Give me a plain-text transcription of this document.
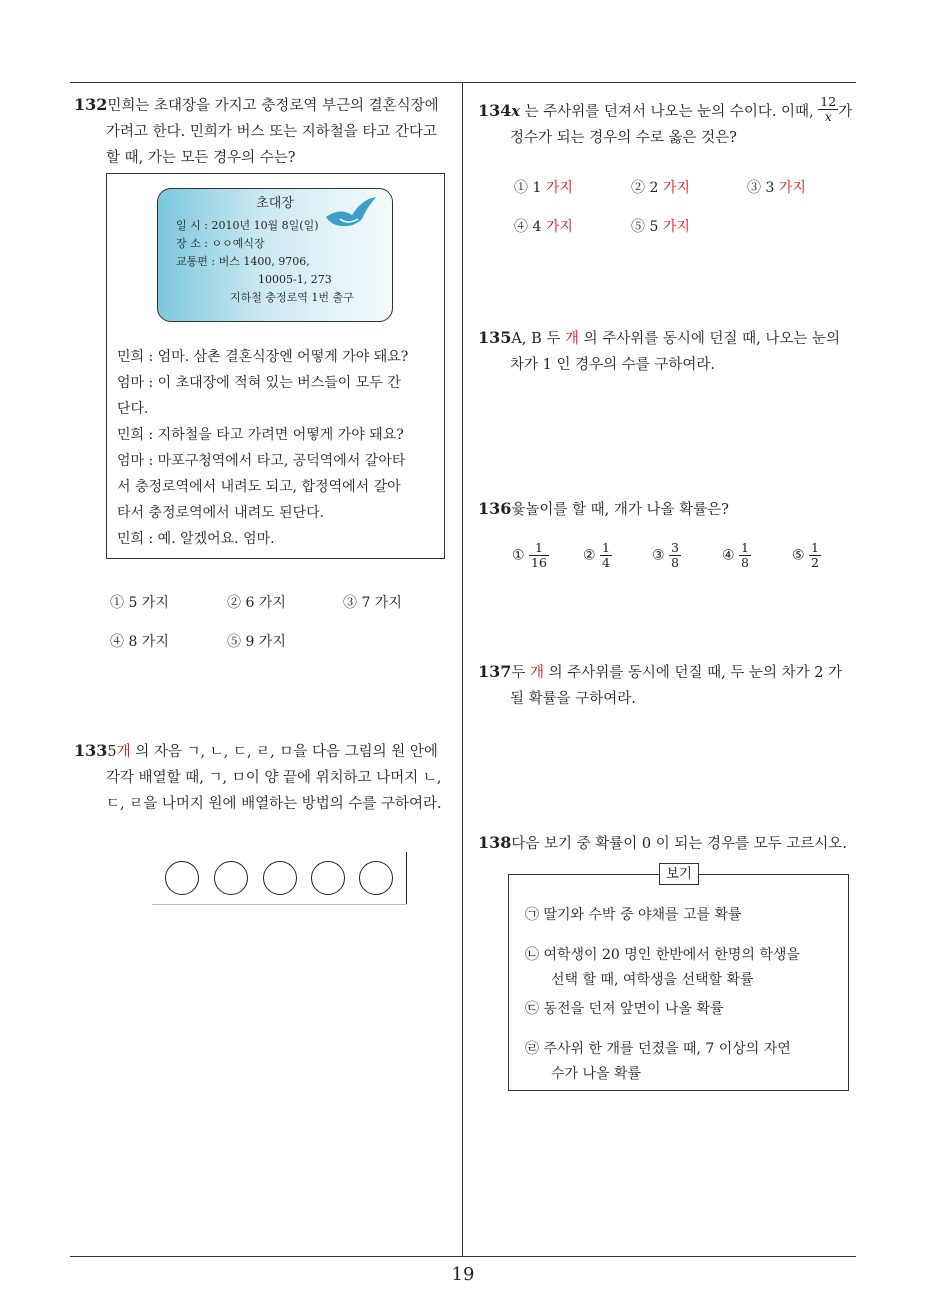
132민희는 초대장을 가지고 충정로역 부근의 결혼식장에
가려고 한다. 민희가 버스 또는 지하철을 타고 간다고
할 때, 가는 모든 경우의 수는?
초대장
일 시 : 2010년 10월 8일(일)
장 소 : ㅇㅇ예식장
교통편 : 버스 1400, 9706,
10005-1, 273
지하철 충정로역 1번 출구
민희 : 엄마. 삼촌 결혼식장엔 어떻게 가야 돼요?
엄마 : 이 초대장에 적혀 있는 버스들이 모두 간
단다.
민희 : 지하철을 타고 가려면 어떻게 가야 돼요?
엄마 : 마포구청역에서 타고, 공덕역에서 갈아타
서 충정로역에서 내려도 되고, 합정역에서 갈아
타서 충정로역에서 내려도 된단다.
민희 : 예. 알겠어요. 엄마.
① 5 가지	② 6 가지	③ 7 가지
④ 8 가지	⑤ 9 가지
1335개 의 자음 ㄱ, ㄴ, ㄷ, ㄹ, ㅁ을 다음 그림의 원 안에
각각 배열할 때, ㄱ, ㅁ이 양 끝에 위치하고 나머지 ㄴ,
ㄷ, ㄹ을 나머지 원에 배열하는 방법의 수를 구하여라.
134x 는 주사위를 던져서 나오는 눈의 수이다. 이때, $\frac{12}{x}$ 가
정수가 되는 경우의 수로 옳은 것은?
① 1 가지	② 2 가지	③ 3 가지
④ 4 가지	⑤ 5 가지
135A, B 두 개 의 주사위를 동시에 던질 때, 나오는 눈의
차가 1 인 경우의 수를 구하여라.
136윷놀이를 할 때, 개가 나올 확률은?
① $\frac{1}{16}$ ② $\frac{1}{4}$	③ $\frac{3}{8}$	④ $\frac{1}{8}$	⑤ $\frac{1}{2}$
137두 개 의 주사위를 동시에 던질 때, 두 눈의 차가 2 가
될 확률을 구하여라.
138다음 보기 중 확률이 0 이 되는 경우를 모두 고르시오.
보기
㉠ 딸기와 수박 중 야채를 고를 확률
㉡ 여학생이 20 명인 한반에서 한명의 학생을
선택 할 때, 여학생을 선택할 확률
㉢ 동전을 던져 앞면이 나올 확률
㉣ 주사위 한 개를 던졌을 때, 7 이상의 자연
수가 나올 확률
19
